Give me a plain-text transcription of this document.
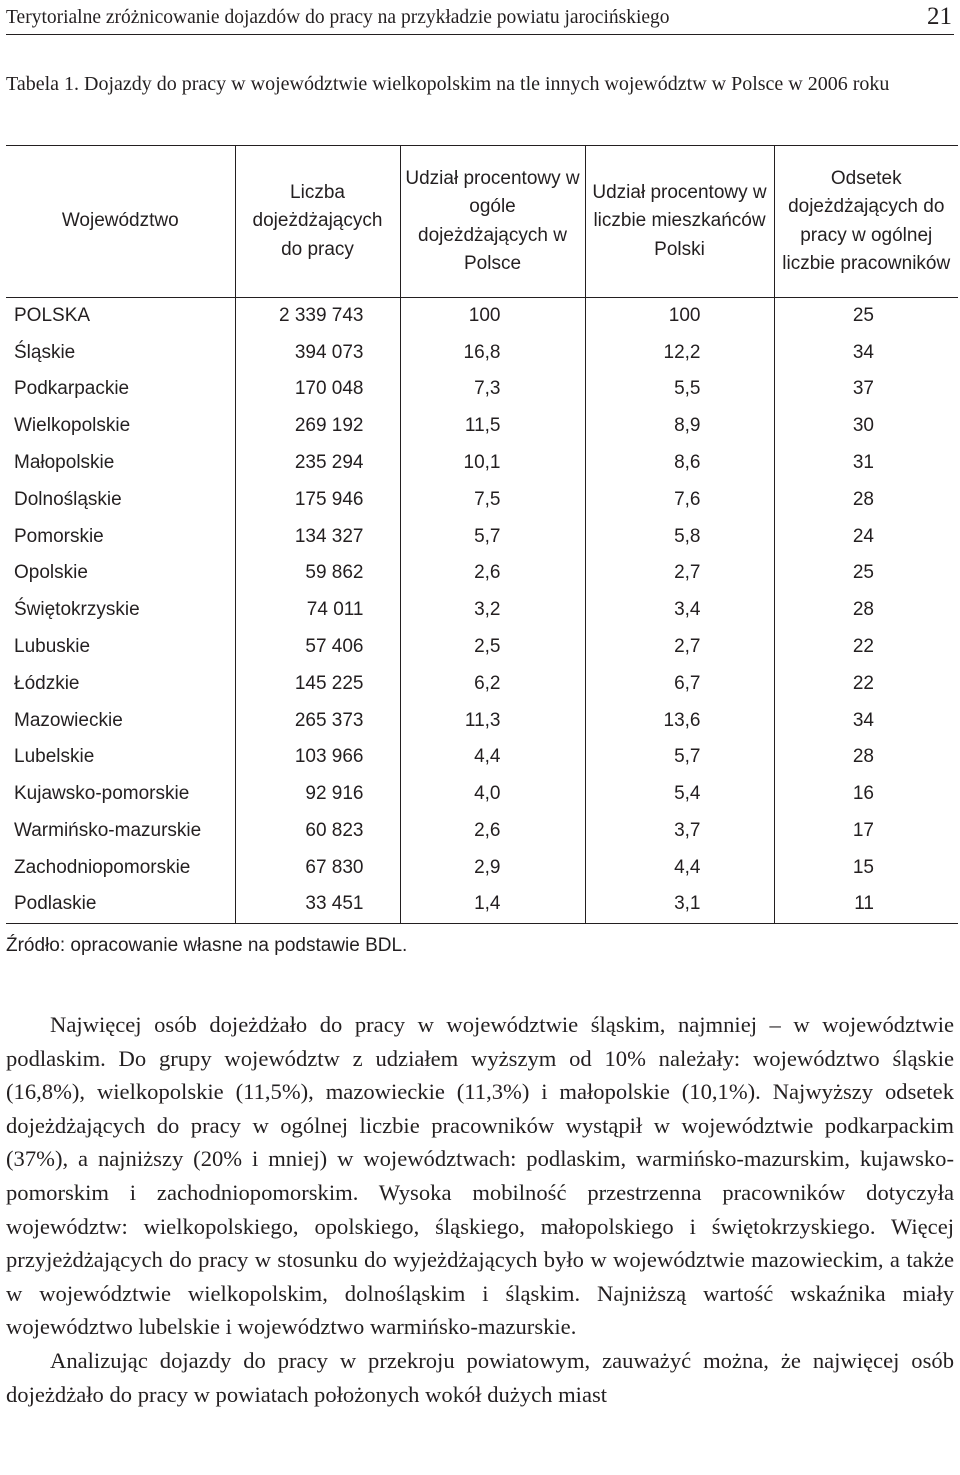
Terytorialne zróżnicowanie dojazdów do pracy na przykładzie powiatu jarocińskiego	21
Tabela 1. Dojazdy do pracy w województwie wielkopolskim na tle innych województw w Polsce w 2006 roku
Województwo	Liczba dojeżdżających do pracy	Udział procentowy w ogóle dojeżdżających w Polsce	Udział procentowy w liczbie mieszkańców Polski	Odsetek dojeżdżających do pracy w ogólnej liczbie pracowników
POLSKA	2 339 743	100	100	25
Śląskie	394 073	16,8	12,2	34
Podkarpackie	170 048	7,3	5,5	37
Wielkopolskie	269 192	11,5	8,9	30
Małopolskie	235 294	10,1	8,6	31
Dolnośląskie	175 946	7,5	7,6	28
Pomorskie	134 327	5,7	5,8	24
Opolskie	59 862	2,6	2,7	25
Świętokrzyskie	74 011	3,2	3,4	28
Lubuskie	57 406	2,5	2,7	22
Łódzkie	145 225	6,2	6,7	22
Mazowieckie	265 373	11,3	13,6	34
Lubelskie	103 966	4,4	5,7	28
Kujawsko-pomorskie	92 916	4,0	5,4	16
Warmińsko-mazurskie	60 823	2,6	3,7	17
Zachodniopomorskie	67 830	2,9	4,4	15
Podlaskie	33 451	1,4	3,1	11
Źródło: opracowanie własne na podstawie BDL.

Najwięcej osób dojeżdżało do pracy w województwie śląskim, najmniej – w województwie podlaskim. Do grupy województw z udziałem wyższym od 10% należały: województwo śląskie (16,8%), wielkopolskie (11,5%), mazowieckie (11,3%) i małopolskie (10,1%). Najwyższy odsetek dojeżdżających do pracy w ogólnej liczbie pracowników wystąpił w województwie podkarpackim (37%), a najniższy (20% i mniej) w województwach: podlaskim, warmińsko-mazurskim, kujawsko-pomorskim i zachodniopomorskim. Wysoka mobilność przestrzenna pracowników dotyczyła województw: wielkopolskiego, opolskiego, śląskiego, małopolskiego i świętokrzyskiego. Więcej przyjeżdżających do pracy w stosunku do wyjeżdżających było w województwie mazowieckim, a także w województwie wielkopolskim, dolnośląskim i śląskim. Najniższą wartość wskaźnika miały województwo lubelskie i województwo warmińsko-mazurskie.

Analizując dojazdy do pracy w przekroju powiatowym, zauważyć można, że najwięcej osób dojeżdżało do pracy w powiatach położonych wokół dużych miast
